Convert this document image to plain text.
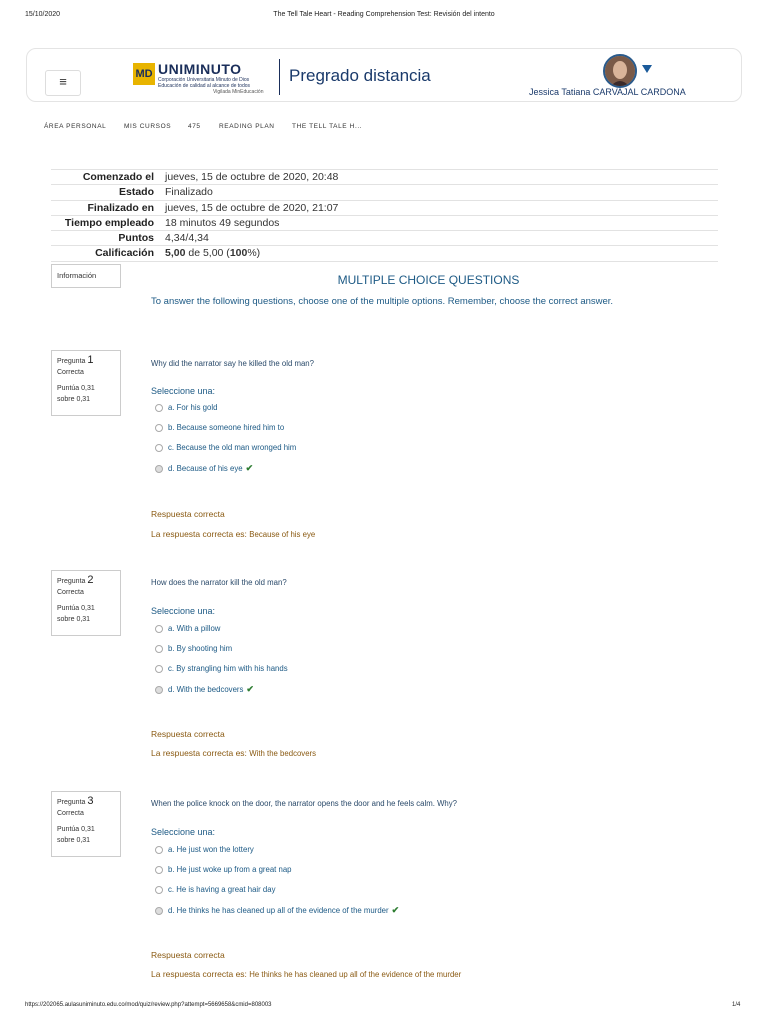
15/10/2020	The Tell Tale Heart - Reading Comprehension Test: Revisión del intento
≡	MD UNIMINUTO
Corporación Universitaria Minuto de Dios
Educación de calidad al alcance de todos
Vigilada MinEducación
Pregrado distancia
Jessica Tatiana CARVAJAL CARDONA
ÁREA PERSONAL	MIS CURSOS	475	READING PLAN	THE TELL TALE H...
Comenzado el jueves, 15 de octubre de 2020, 20:48
Estado Finalizado
Finalizado en jueves, 15 de octubre de 2020, 21:07
Tiempo empleado 18 minutos 49 segundos
Puntos 4,34/4,34
Calificación 5,00 de 5,00 (100%)
Información	MULTIPLE CHOICE QUESTIONS
To answer the following questions, choose one of the multiple options. Remember, choose the correct answer.
Pregunta 1
Correcta

Puntúa 0,31
sobre 0,31
Why did the narrator say he killed the old man?
Seleccione una:
a. For his gold
b. Because someone hired him to
c. Because the old man wronged him
d. Because of his eye ✔
Respuesta correcta
La respuesta correcta es: Because of his eye
Pregunta 2
Correcta

Puntúa 0,31
sobre 0,31
How does the narrator kill the old man?
Seleccione una:
a. With a pillow
b. By shooting him
c. By strangling him with his hands
d. With the bedcovers ✔
Respuesta correcta
La respuesta correcta es: With the bedcovers
Pregunta 3
Correcta

Puntúa 0,31
sobre 0,31
When the police knock on the door, the narrator opens the door and he feels calm. Why?
Seleccione una:
a. He just won the lottery
b. He just woke up from a great nap
c. He is having a great hair day
d. He thinks he has cleaned up all of the evidence of the murder ✔
Respuesta correcta
La respuesta correcta es: He thinks he has cleaned up all of the evidence of the murder
https://202065.aulasuniminuto.edu.co/mod/quiz/review.php?attempt=5669658&cmid=808003	1/4
